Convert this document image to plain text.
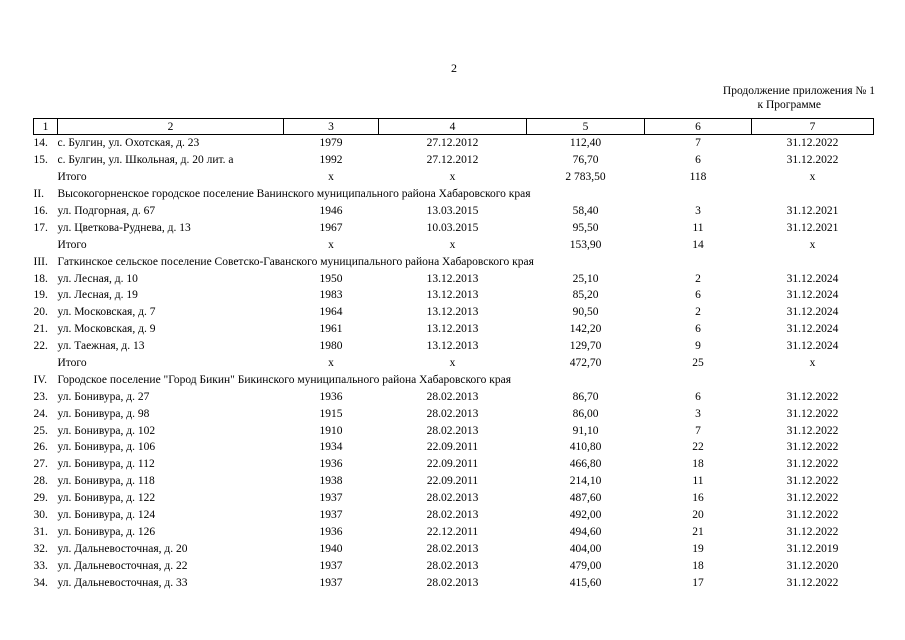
2
Продолжение приложения № 1
к Программе
1	2	3	4	5	6	7
14.	с. Булгин, ул. Охотская, д. 23	1979	27.12.2012	112,40	7	31.12.2022
15.	с. Булгин, ул. Школьная, д. 20 лит. а	1992	27.12.2012	76,70	6	31.12.2022
	Итого	x	x	2 783,50	118	x
II.	Высокогорненское городское поселение Ванинского муниципального района Хабаровского края					
16.	ул. Подгорная, д. 67	1946	13.03.2015	58,40	3	31.12.2021
17.	ул. Цветкова-Руднева, д. 13	1967	10.03.2015	95,50	11	31.12.2021
	Итого	x	x	153,90	14	x
III.	Гаткинское сельское поселение Советско-Гаванского муниципального района Хабаровского края					
18.	ул. Лесная, д. 10	1950	13.12.2013	25,10	2	31.12.2024
19.	ул. Лесная, д. 19	1983	13.12.2013	85,20	6	31.12.2024
20.	ул. Московская, д. 7	1964	13.12.2013	90,50	2	31.12.2024
21.	ул. Московская, д. 9	1961	13.12.2013	142,20	6	31.12.2024
22.	ул. Таежная, д. 13	1980	13.12.2013	129,70	9	31.12.2024
	Итого	x	x	472,70	25	x
IV.	Городское поселение "Город Бикин" Бикинского муниципального района Хабаровского края					
23.	ул. Бонивура, д. 27	1936	28.02.2013	86,70	6	31.12.2022
24.	ул. Бонивура, д. 98	1915	28.02.2013	86,00	3	31.12.2022
25.	ул. Бонивура, д. 102	1910	28.02.2013	91,10	7	31.12.2022
26.	ул. Бонивура, д. 106	1934	22.09.2011	410,80	22	31.12.2022
27.	ул. Бонивура, д. 112	1936	22.09.2011	466,80	18	31.12.2022
28.	ул. Бонивура, д. 118	1938	22.09.2011	214,10	11	31.12.2022
29.	ул. Бонивура, д. 122	1937	28.02.2013	487,60	16	31.12.2022
30.	ул. Бонивура, д. 124	1937	28.02.2013	492,00	20	31.12.2022
31.	ул. Бонивура, д. 126	1936	22.12.2011	494,60	21	31.12.2022
32.	ул. Дальневосточная, д. 20	1940	28.02.2013	404,00	19	31.12.2019
33.	ул. Дальневосточная, д. 22	1937	28.02.2013	479,00	18	31.12.2020
34.	ул. Дальневосточная, д. 33	1937	28.02.2013	415,60	17	31.12.2022
